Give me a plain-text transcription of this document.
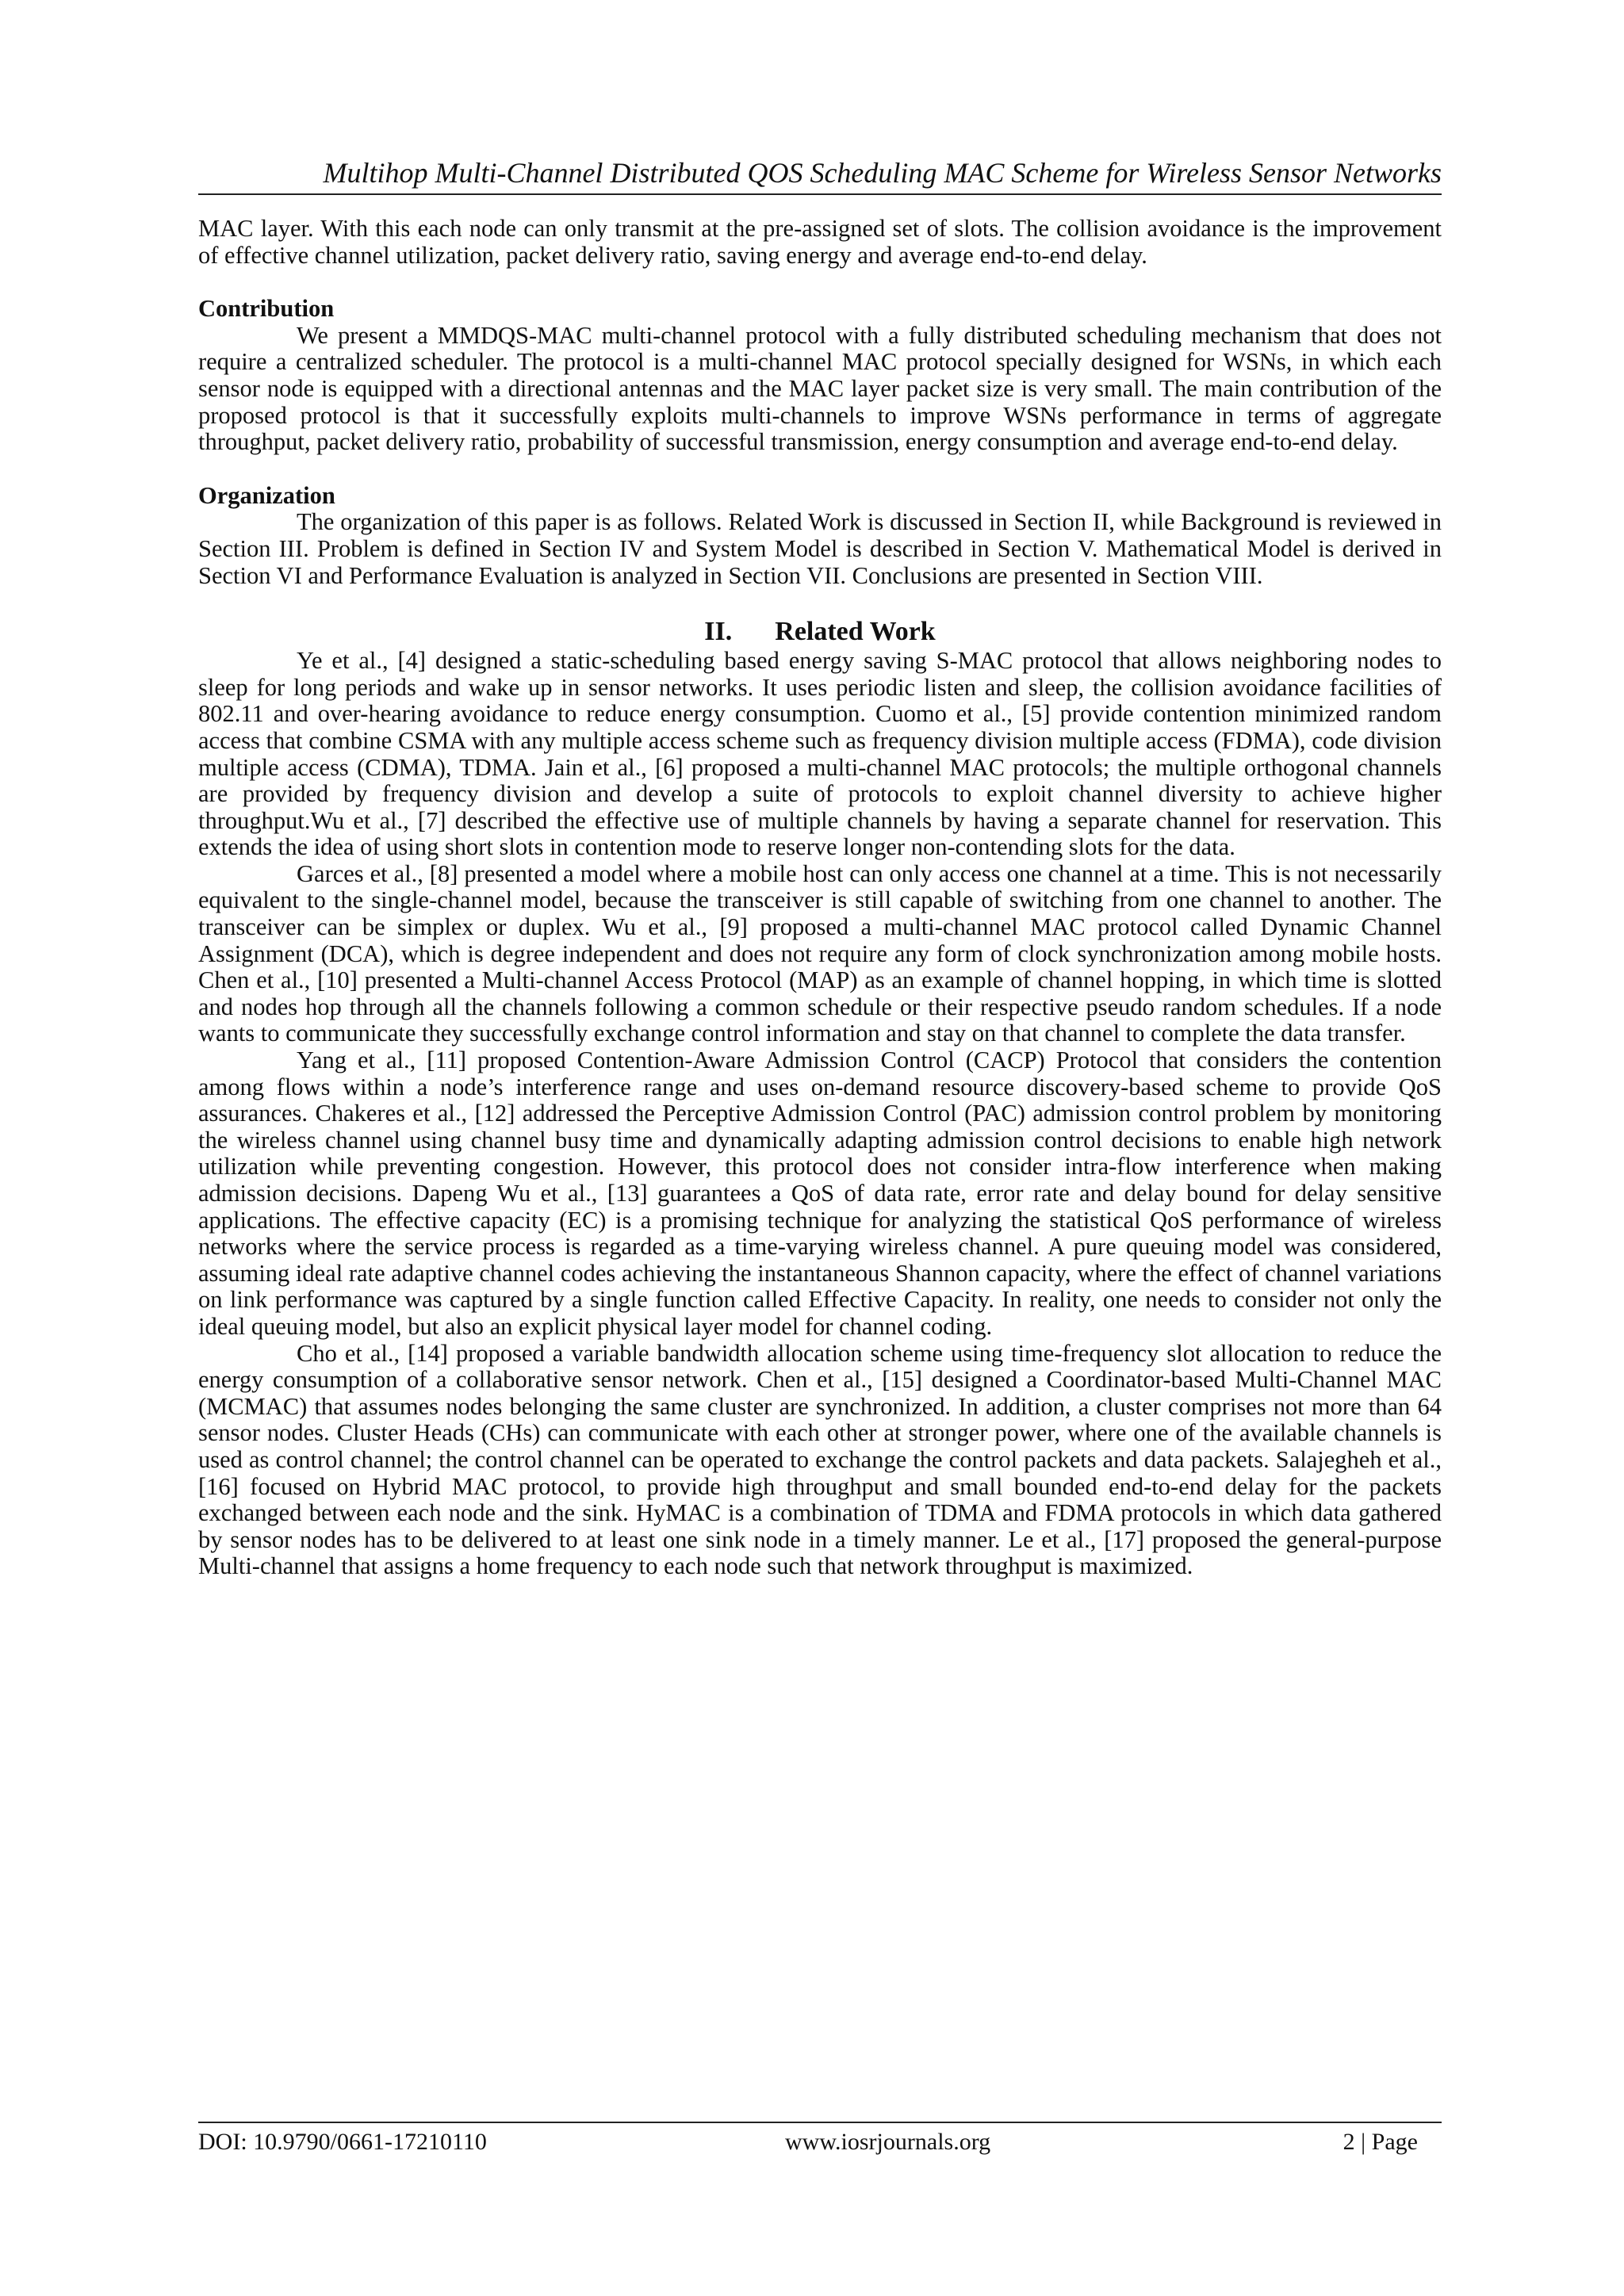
Multihop Multi-Channel Distributed QOS Scheduling MAC Scheme for Wireless Sensor Networks

MAC layer. With this each node can only transmit at the pre-assigned set of slots. The collision avoidance is the improvement of effective channel utilization, packet delivery ratio, saving energy and average end-to-end delay.

Contribution

We present a MMDQS-MAC multi-channel protocol with a fully distributed scheduling mechanism that does not require a centralized scheduler. The protocol is a multi-channel MAC protocol specially designed for WSNs, in which each sensor node is equipped with a directional antennas and the MAC layer packet size is very small. The main contribution of the proposed protocol is that it successfully exploits multi-channels to improve WSNs performance in terms of aggregate throughput, packet delivery ratio, probability of successful transmission, energy consumption and average end-to-end delay.

Organization

The organization of this paper is as follows. Related Work is discussed in Section II, while Background is reviewed in Section III. Problem is defined in Section IV and System Model is described in Section V. Mathematical Model is derived in Section VI and Performance Evaluation is analyzed in Section VII. Conclusions are presented in Section VIII.

II. Related Work

Ye et al., [4] designed a static-scheduling based energy saving S-MAC protocol that allows neighboring nodes to sleep for long periods and wake up in sensor networks. It uses periodic listen and sleep, the collision avoidance facilities of 802.11 and over-hearing avoidance to reduce energy consumption. Cuomo et al., [5] provide contention minimized random access that combine CSMA with any multiple access scheme such as frequency division multiple access (FDMA), code division multiple access (CDMA), TDMA. Jain et al., [6] proposed a multi-channel MAC protocols; the multiple orthogonal channels are provided by frequency division and develop a suite of protocols to exploit channel diversity to achieve higher throughput.Wu et al., [7] described the effective use of multiple channels by having a separate channel for reservation. This extends the idea of using short slots in contention mode to reserve longer non-contending slots for the data.

Garces et al., [8] presented a model where a mobile host can only access one channel at a time. This is not necessarily equivalent to the single-channel model, because the transceiver is still capable of switching from one channel to another. The transceiver can be simplex or duplex. Wu et al., [9] proposed a multi-channel MAC protocol called Dynamic Channel Assignment (DCA), which is degree independent and does not require any form of clock synchronization among mobile hosts. Chen et al., [10] presented a Multi-channel Access Protocol (MAP) as an example of channel hopping, in which time is slotted and nodes hop through all the channels following a common schedule or their respective pseudo random schedules. If a node wants to communicate they successfully exchange control information and stay on that channel to complete the data transfer.

Yang et al., [11] proposed Contention-Aware Admission Control (CACP) Protocol that considers the contention among flows within a node’s interference range and uses on-demand resource discovery-based scheme to provide QoS assurances. Chakeres et al., [12] addressed the Perceptive Admission Control (PAC) admission control problem by monitoring the wireless channel using channel busy time and dynamically adapting admission control decisions to enable high network utilization while preventing congestion. However, this protocol does not consider intra-flow interference when making admission decisions. Dapeng Wu et al., [13] guarantees a QoS of data rate, error rate and delay bound for delay sensitive applications. The effective capacity (EC) is a promising technique for analyzing the statistical QoS performance of wireless networks where the service process is regarded as a time-varying wireless channel. A pure queuing model was considered, assuming ideal rate adaptive channel codes achieving the instantaneous Shannon capacity, where the effect of channel variations on link performance was captured by a single function called Effective Capacity. In reality, one needs to consider not only the ideal queuing model, but also an explicit physical layer model for channel coding.

Cho et al., [14] proposed a variable bandwidth allocation scheme using time-frequency slot allocation to reduce the energy consumption of a collaborative sensor network. Chen et al., [15] designed a Coordinator-based Multi-Channel MAC (MCMAC) that assumes nodes belonging the same cluster are synchronized. In addition, a cluster comprises not more than 64 sensor nodes. Cluster Heads (CHs) can communicate with each other at stronger power, where one of the available channels is used as control channel; the control channel can be operated to exchange the control packets and data packets. Salajegheh et al., [16] focused on Hybrid MAC protocol, to provide high throughput and small bounded end-to-end delay for the packets exchanged between each node and the sink. HyMAC is a combination of TDMA and FDMA protocols in which data gathered by sensor nodes has to be delivered to at least one sink node in a timely manner. Le et al., [17] proposed the general-purpose Multi-channel that assigns a home frequency to each node such that network throughput is maximized.

DOI: 10.9790/0661-17210110	www.iosrjournals.org	2 | Page
